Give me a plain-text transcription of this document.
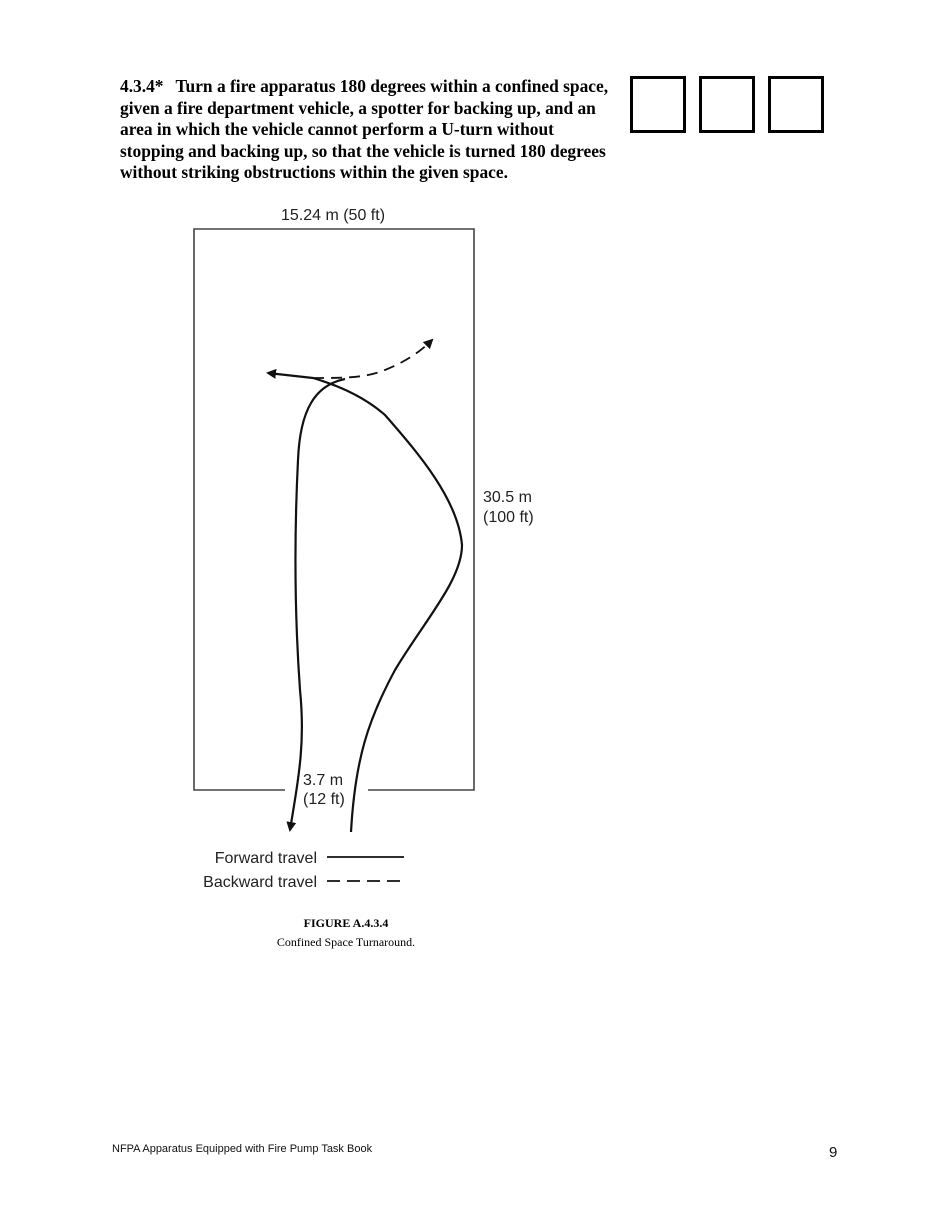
4.3.4* Turn a fire apparatus 180 degrees within a confined space, given a fire department vehicle, a spotter for backing up, and an area in which the vehicle cannot perform a U-turn without stopping and backing up, so that the vehicle is turned 180 degrees without striking obstructions within the given space.
15.24 m (50 ft)
30.5 m
(100 ft)
3.7 m
(12 ft)
Forward travel
Backward travel
FIGURE A.4.3.4
Confined Space Turnaround.
NFPA Apparatus Equipped with Fire Pump Task Book	9
